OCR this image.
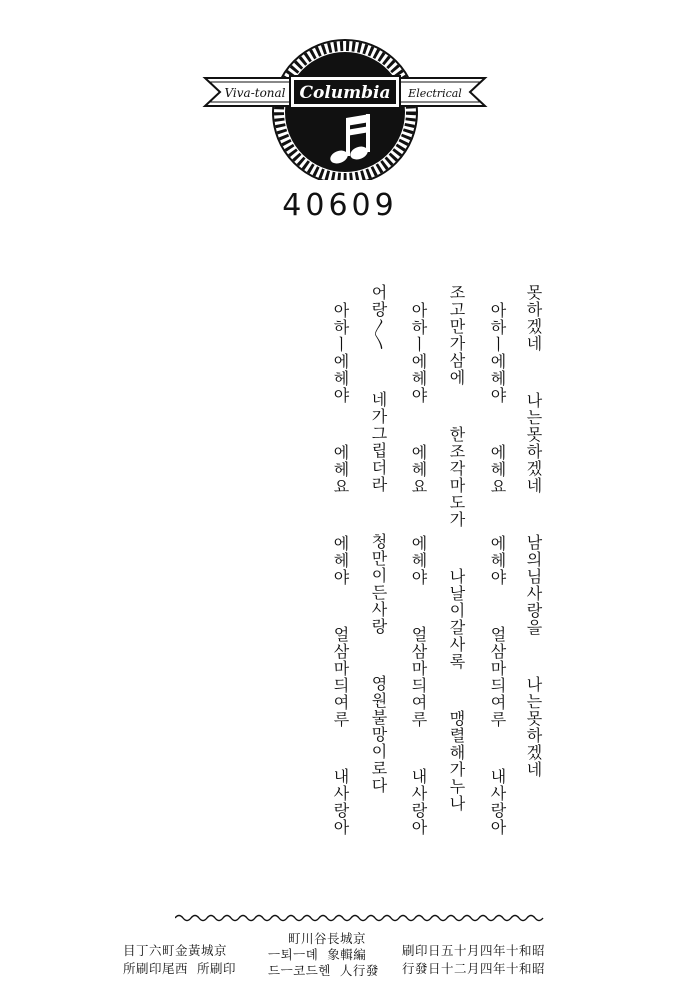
Viva-tonal	Electrical
Columbia
40609
못하겠네  나는못하겠네  남의님사랑을  나는못하겠네
아하ㅣ에헤야  에헤요  에헤야  얼삼마듸여루  내사랑아
조고만가삼에  한조각마도가  나날이갈사록  맹렬해가누나
아하ㅣ에헤야  에헤요  에헤야  얼삼마듸여루  내사랑아
어랑〳〵  네가그립더라  청만이든사랑  영원불망이로다
아하ㅣ에헤야  에헤요  에헤야  얼삼마듸여루  내사랑아
目丁六町金黃城京
所刷印尾西  所刷印
町川谷長城京
ㅡ퇴ㅡ뎨  象輯編
드ㅡ코드헨  人行發
刷印日五十月四年十和昭
行發日十二月四年十和昭
